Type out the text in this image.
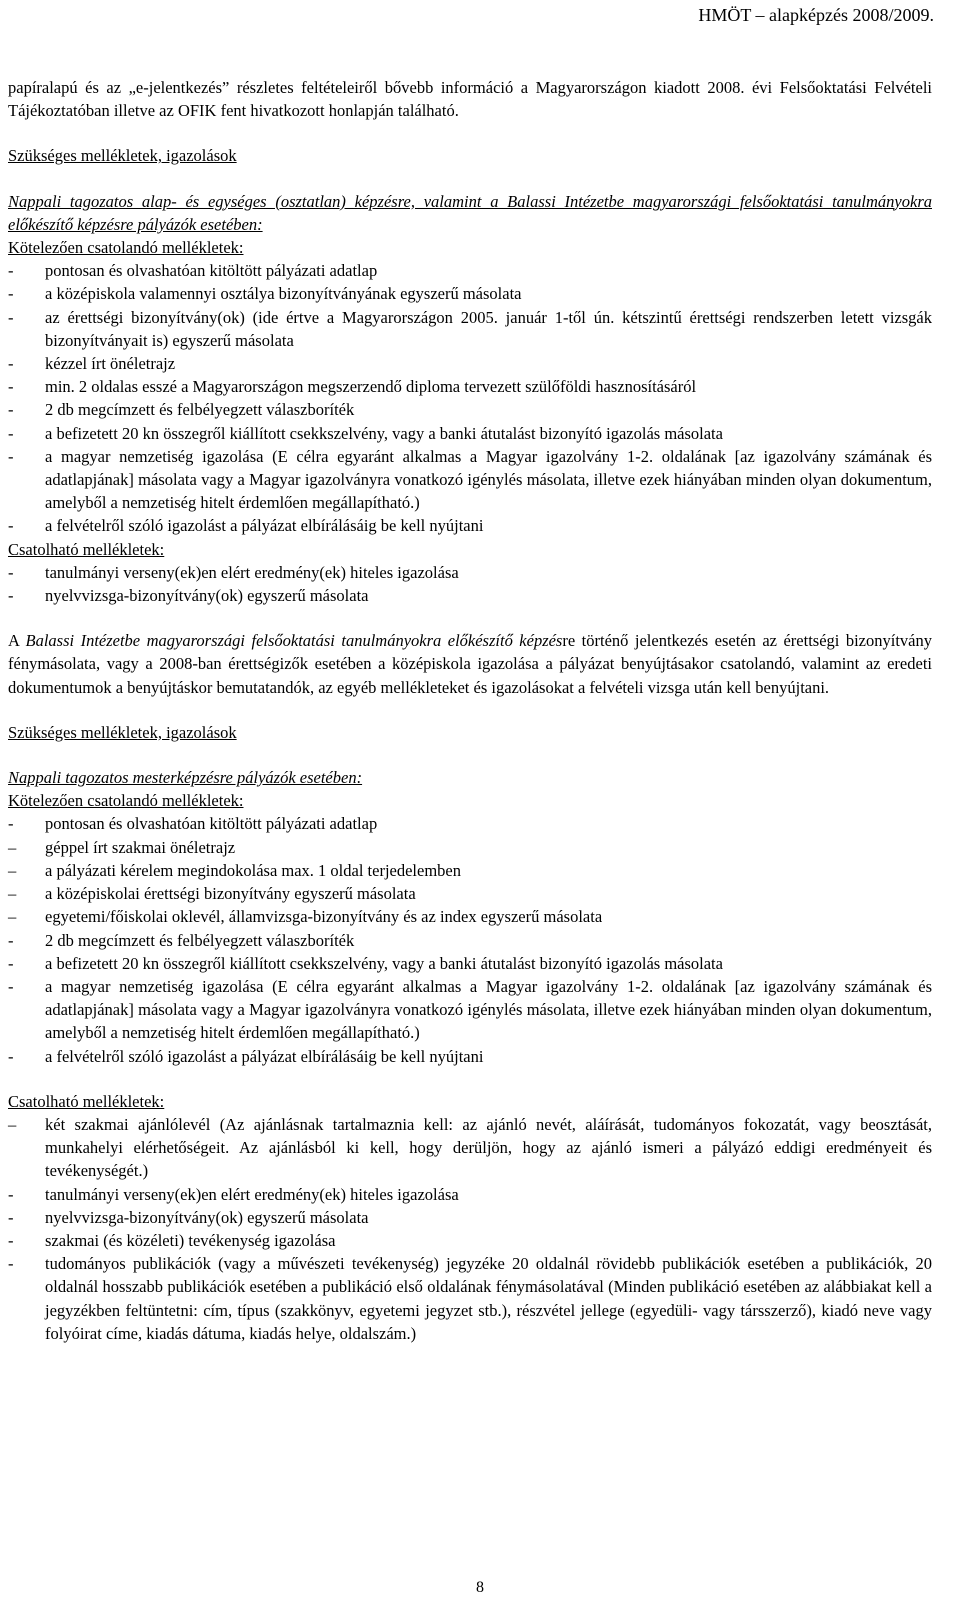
HMÖT – alapképzés 2008/2009.

papíralapú és az „e-jelentkezés” részletes feltételeiről bővebb információ a Magyarországon kiadott 2008. évi Felsőoktatási Felvételi Tájékoztatóban illetve az OFIK fent hivatkozott honlapján található.

Szükséges mellékletek, igazolások

Nappali tagozatos alap- és egységes (osztatlan) képzésre, valamint a Balassi Intézetbe magyarországi felsőoktatási tanulmányokra előkészítő képzésre pályázók esetében:

Kötelezően csatolandó mellékletek:

- pontosan és olvashatóan kitöltött pályázati adatlap
- a középiskola valamennyi osztálya bizonyítványának egyszerű másolata
- az érettségi bizonyítvány(ok) (ide értve a Magyarországon 2005. január 1-től ún. kétszintű érettségi rendszerben letett vizsgák bizonyítványait is) egyszerű másolata
- kézzel írt önéletrajz
- min. 2 oldalas esszé a Magyarországon megszerzendő diploma tervezett szülőföldi hasznosításáról
- 2 db megcímzett és felbélyegzett válaszboríték
- a befizetett 20 kn összegről kiállított csekkszelvény, vagy a banki átutalást bizonyító igazolás másolata
- a magyar nemzetiség igazolása (E célra egyaránt alkalmas a Magyar igazolvány 1-2. oldalának [az igazolvány számának és adatlapjának] másolata vagy a Magyar igazolványra vonatkozó igénylés másolata, illetve ezek hiányában minden olyan dokumentum, amelyből a nemzetiség hitelt érdemlően megállapítható.)
- a felvételről szóló igazolást a pályázat elbírálásáig be kell nyújtani

Csatolható mellékletek:

- tanulmányi verseny(ek)en elért eredmény(ek) hiteles igazolása
- nyelvvizsga-bizonyítvány(ok) egyszerű másolata

A Balassi Intézetbe magyarországi felsőoktatási tanulmányokra előkészítő képzésre történő jelentkezés esetén az érettségi bizonyítvány fénymásolata, vagy a 2008-ban érettségizők esetében a középiskola igazolása a pályázat benyújtásakor csatolandó, valamint az eredeti dokumentumok a benyújtáskor bemutatandók, az egyéb mellékleteket és igazolásokat a felvételi vizsga után kell benyújtani.

Szükséges mellékletek, igazolások

Nappali tagozatos mesterképzésre pályázók esetében:

Kötelezően csatolandó mellékletek:

- pontosan és olvashatóan kitöltött pályázati adatlap
– géppel írt szakmai önéletrajz
– a pályázati kérelem megindokolása max. 1 oldal terjedelemben
– a középiskolai érettségi bizonyítvány egyszerű másolata
– egyetemi/főiskolai oklevél, államvizsga-bizonyítvány és az index egyszerű másolata
- 2 db megcímzett és felbélyegzett válaszboríték
- a befizetett 20 kn összegről kiállított csekkszelvény, vagy a banki átutalást bizonyító igazolás másolata
- a magyar nemzetiség igazolása (E célra egyaránt alkalmas a Magyar igazolvány 1-2. oldalának [az igazolvány számának és adatlapjának] másolata vagy a Magyar igazolványra vonatkozó igénylés másolata, illetve ezek hiányában minden olyan dokumentum, amelyből a nemzetiség hitelt érdemlően megállapítható.)
- a felvételről szóló igazolást a pályázat elbírálásáig be kell nyújtani

Csatolható mellékletek:

– két szakmai ajánlólevél (Az ajánlásnak tartalmaznia kell: az ajánló nevét, aláírását, tudományos fokozatát, vagy beosztását, munkahelyi elérhetőségeit. Az ajánlásból ki kell, hogy derüljön, hogy az ajánló ismeri a pályázó eddigi eredményeit és tevékenységét.)
- tanulmányi verseny(ek)en elért eredmény(ek) hiteles igazolása
- nyelvvizsga-bizonyítvány(ok) egyszerű másolata
- szakmai (és közéleti) tevékenység igazolása
- tudományos publikációk (vagy a művészeti tevékenység) jegyzéke 20 oldalnál rövidebb publikációk esetében a publikációk, 20 oldalnál hosszabb publikációk esetében a publikáció első oldalának fénymásolatával (Minden publikáció esetében az alábbiakat kell a jegyzékben feltüntetni: cím, típus (szakkönyv, egyetemi jegyzet stb.), részvétel jellege (egyedüli- vagy társszerző), kiadó neve vagy folyóirat címe, kiadás dátuma, kiadás helye, oldalszám.)
8
